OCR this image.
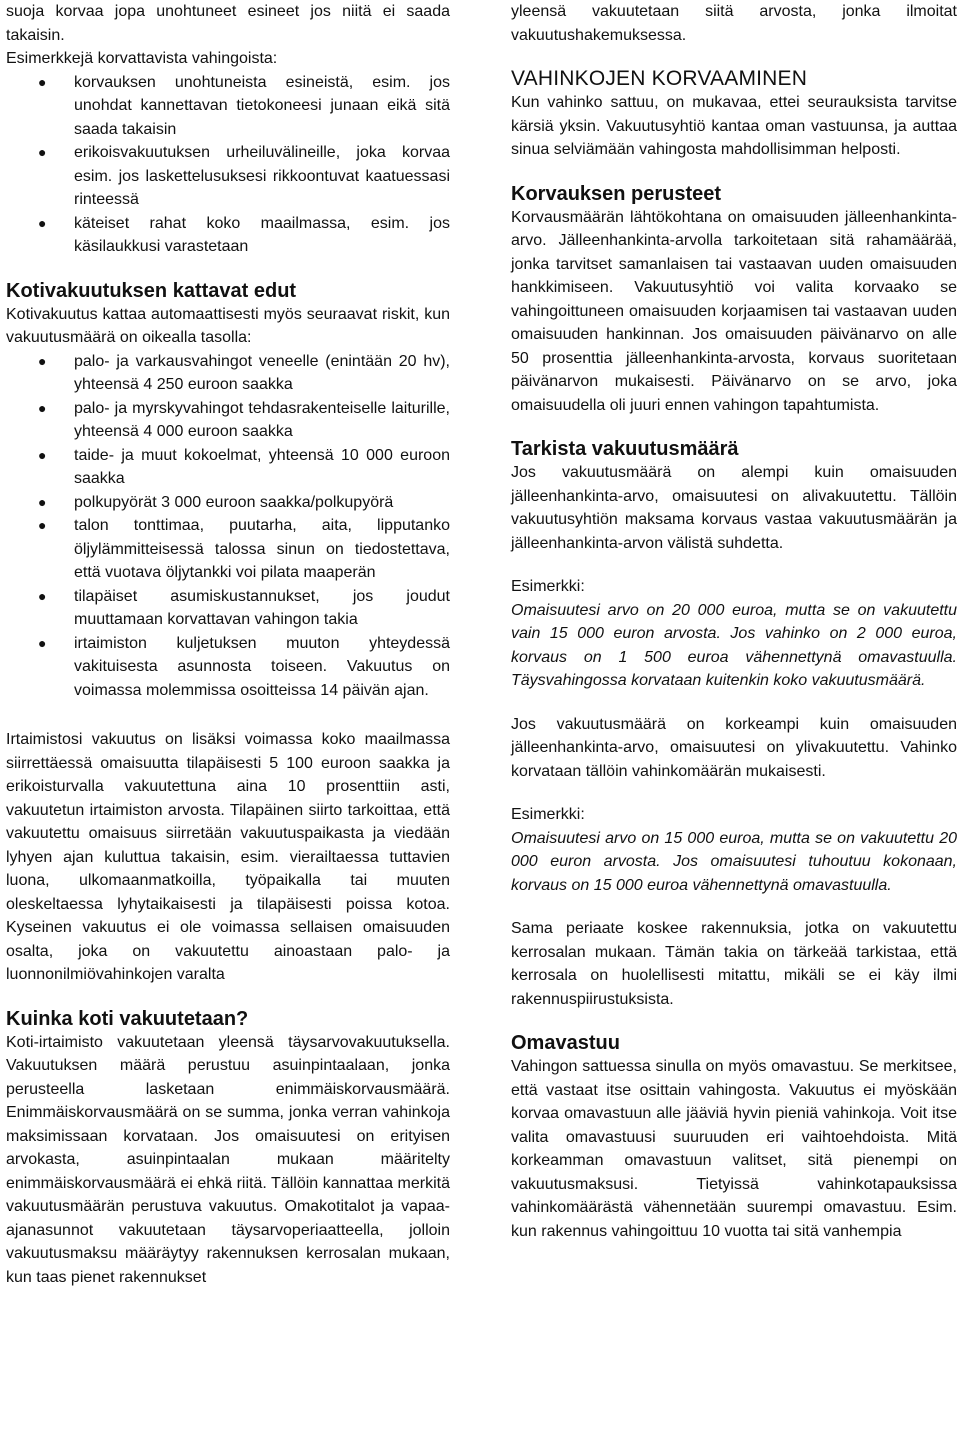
suoja korvaa jopa unohtuneet esineet jos niitä ei saada takaisin.

Esimerkkejä korvattavista vahingoista:

● korvauksen unohtuneista esineistä, esim. jos unohdat kannettavan tietokoneesi junaan eikä sitä saada takaisin
● erikoisvakuutuksen urheiluvälineille, joka korvaa esim. jos laskettelusuksesi rikkoontuvat kaatuessasi rinteessä
● käteiset rahat koko maailmassa, esim. jos käsilaukkusi varastetaan
Kotivakuutuksen kattavat edut

Kotivakuutus kattaa automaattisesti myös seuraavat riskit, kun vakuutusmäärä on oikealla tasolla:

● palo- ja varkausvahingot veneelle (enintään 20 hv), yhteensä 4 250 euroon saakka
● palo- ja myrskyvahingot tehdasrakenteiselle laiturille, yhteensä 4 000 euroon saakka
● taide- ja muut kokoelmat, yhteensä 10 000 euroon saakka
● polkupyörät 3 000 euroon saakka/polkupyörä
● talon tonttimaa, puutarha, aita, lipputanko öljylämmitteisessä talossa sinun on tiedostettava, että vuotava öljytankki voi pilata maaperän
● tilapäiset asumiskustannukset, jos joudut muuttamaan korvattavan vahingon takia
● irtaimiston kuljetuksen muuton yhteydessä vakituisesta asunnosta toiseen. Vakuutus on voimassa molemmissa osoitteissa 14 päivän ajan.

Irtaimistosi vakuutus on lisäksi voimassa koko maailmassa siirrettäessä omaisuutta tilapäisesti 5 100 euroon saakka ja erikoisturvalla vakuutettuna aina 10 prosenttiin asti, vakuutetun irtaimiston arvosta. Tilapäinen siirto tarkoittaa, että vakuutettu omaisuus siirretään vakuutuspaikasta ja viedään lyhyen ajan kuluttua takaisin, esim. vierailtaessa tuttavien luona, ulkomaanmatkoilla, työpaikalla tai muuten oleskeltaessa lyhytaikaisesti ja tilapäisesti poissa kotoa. Kyseinen vakuutus ei ole voimassa sellaisen omaisuuden osalta, joka on vakuutettu ainoastaan palo- ja luonnonilmiövahinkojen varalta

Kuinka koti vakuutetaan?

Koti-irtaimisto vakuutetaan yleensä täysarvovakuutuksella. Vakuutuksen määrä perustuu asuinpintaalaan, jonka perusteella lasketaan enimmäiskorvausmäärä. Enimmäiskorvausmäärä on se summa, jonka verran vahinkoja maksimissaan korvataan. Jos omaisuutesi on erityisen arvokasta, asuinpintaalan mukaan määritelty enimmäiskorvausmäärä ei ehkä riitä. Tällöin kannattaa merkitä vakuutusmäärän perustuva vakuutus. Omakotitalot ja vapaa-ajanasunnot vakuutetaan täysarvoperiaatteella, jolloin vakuutusmaksu määräytyy rakennuksen kerrosalan mukaan, kun taas pienet rakennukset

yleensä vakuutetaan siitä arvosta, jonka ilmoitat vakuutushakemuksessa.

VAHINKOJEN KORVAAMINEN

Kun vahinko sattuu, on mukavaa, ettei seurauksista tarvitse kärsiä yksin. Vakuutusyhtiö kantaa oman vastuunsa, ja auttaa sinua selviämään vahingosta mahdollisimman helposti.

Korvauksen perusteet

Korvausmäärän lähtökohtana on omaisuuden jälleenhankinta-arvo. Jälleenhankinta-arvolla tarkoitetaan sitä rahamäärää, jonka tarvitset samanlaisen tai vastaavan uuden omaisuuden hankkimiseen. Vakuutusyhtiö voi valita korvaako se vahingoittuneen omaisuuden korjaamisen tai vastaavan uuden omaisuuden hankinnan. Jos omaisuuden päivänarvo on alle 50 prosenttia jälleenhankinta-arvosta, korvaus suoritetaan päivänarvon mukaisesti. Päivänarvo on se arvo, joka omaisuudella oli juuri ennen vahingon tapahtumista.

Tarkista vakuutusmäärä

Jos vakuutusmäärä on alempi kuin omaisuuden jälleenhankinta-arvo, omaisuutesi on alivakuutettu. Tällöin vakuutusyhtiön maksama korvaus vastaa vakuutusmäärän ja jälleenhankinta-arvon välistä suhdetta.

Esimerkki:

Omaisuutesi arvo on 20 000 euroa, mutta se on vakuutettu vain 15 000 euron arvosta. Jos vahinko on 2 000 euroa, korvaus on 1 500 euroa vähennettynä omavastuulla. Täysvahingossa korvataan kuitenkin koko vakuutusmäärä.

Jos vakuutusmäärä on korkeampi kuin omaisuuden jälleenhankinta-arvo, omaisuutesi on ylivakuutettu. Vahinko korvataan tällöin vahinkomäärän mukaisesti.

Esimerkki:

Omaisuutesi arvo on 15 000 euroa, mutta se on vakuutettu 20 000 euron arvosta. Jos omaisuutesi tuhoutuu kokonaan, korvaus on 15 000 euroa vähennettynä omavastuulla.

Sama periaate koskee rakennuksia, jotka on vakuutettu kerrosalan mukaan. Tämän takia on tärkeää tarkistaa, että kerrosala on huolellisesti mitattu, mikäli se ei käy ilmi rakennuspiirustuksista.

Omavastuu

Vahingon sattuessa sinulla on myös omavastuu. Se merkitsee, että vastaat itse osittain vahingosta. Vakuutus ei myöskään korvaa omavastuun alle jääviä hyvin pieniä vahinkoja. Voit itse valita omavastuusi suuruuden eri vaihtoehdoista. Mitä korkeamman omavastuun valitset, sitä pienempi on vakuutusmaksusi. Tietyissä vahinkotapauksissa vahinkomäärästä vähennetään suurempi omavastuu. Esim. kun rakennus vahingoittuu 10 vuotta tai sitä vanhempia
